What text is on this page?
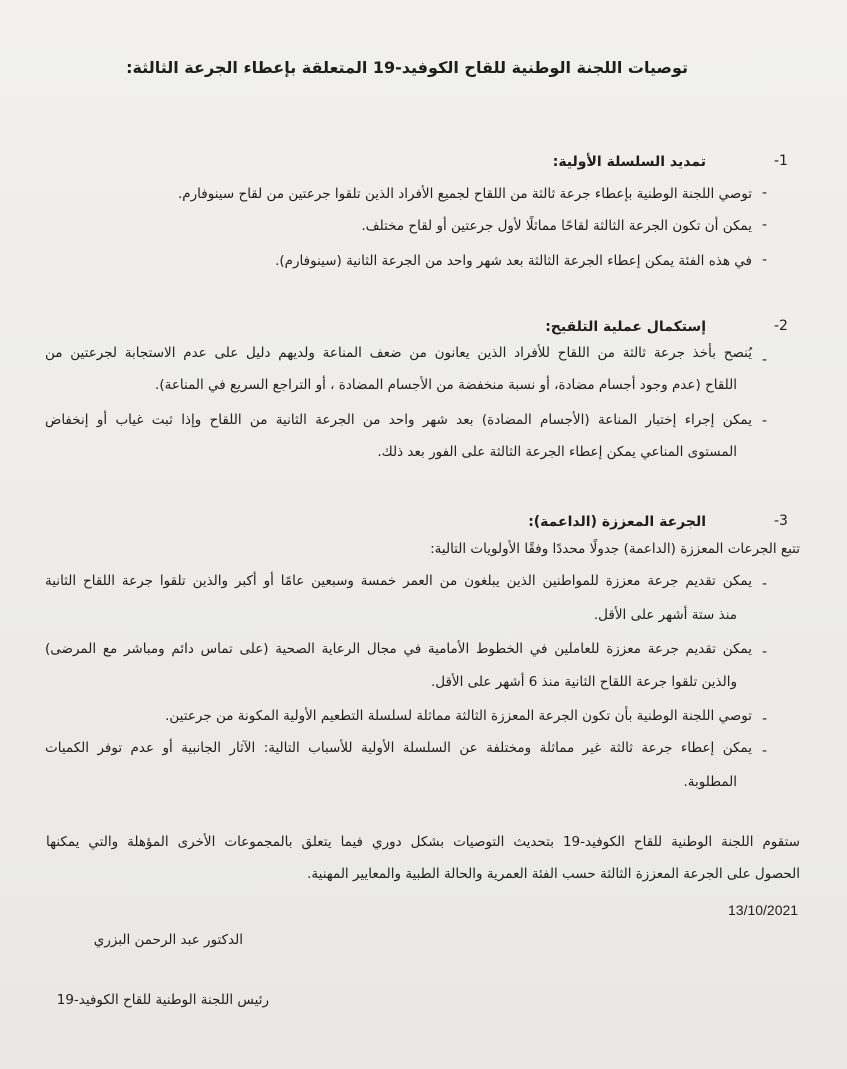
توصيات اللجنة الوطنية للقاح الكوفيد-19 المتعلقة بإعطاء الجرعة الثالثة:
-1
تمديد السلسلة الأولية:
-
توصي اللجنة الوطنية بإعطاء جرعة ثالثة من اللقاح لجميع الأفراد الذين تلقوا جرعتين من لقاح سينوفارم.
-
يمكن أن تكون الجرعة الثالثة لقاحًا مماثلًا لأول جرعتين أو لقاح مختلف.
-
في هذه الفئة يمكن إعطاء الجرعة الثالثة بعد شهر واحد من الجرعة الثانية (سينوفارم).
-2
إستكمال عملية التلقيح:
-
يُنصح بأخذ جرعة ثالثة من اللقاح للأفراد الذين يعانون من ضعف المناعة ولديهم دليل على عدم الاستجابة لجرعتين من
اللقاح (عدم وجود أجسام مضادة، أو نسبة منخفضة من الأجسام المضادة ، أو التراجع السريع في المناعة).
-
يمكن إجراء إختبار المناعة (الأجسام المضادة) بعد شهر واحد من الجرعة الثانية من اللقاح وإذا ثبت غياب أو إنخفاض
المستوى المناعي يمكن إعطاء الجرعة الثالثة على الفور بعد ذلك.
-3
الجرعة المعززة (الداعمة):
تتبع الجرعات المعززة (الداعمة) جدولًا محددًا وفقًا الأولويات التالية:
-
يمكن تقديم جرعة معززة للمواطنين الذين يبلغون من العمر خمسة وسبعين عامًا أو أكبر والذين تلقوا جرعة اللقاح الثانية
منذ ستة أشهر على الأقل.
-
يمكن تقديم جرعة معززة للعاملين في الخطوط الأمامية في مجال الرعاية الصحية (على تماس دائم ومباشر مع المرضى)
والذين تلقوا جرعة اللقاح الثانية منذ 6 أشهر على الأقل.
-
توصي اللجنة الوطنية بأن تكون الجرعة المعززة الثالثة مماثلة لسلسلة التطعيم الأولية المكونة من جرعتين.
-
يمكن إعطاء جرعة ثالثة غير مماثلة ومختلفة عن السلسلة الأولية للأسباب التالية: الآثار الجانبية أو عدم توفر الكميات
المطلوبة.
ستقوم اللجنة الوطنية للقاح الكوفيد-19 بتحديث التوصيات بشكل دوري فيما يتعلق بالمجموعات الأخرى المؤهلة والتي يمكنها
الحصول على الجرعة المعززة الثالثة حسب الفئة العمرية والحالة الطبية والمعايير المهنية.
13/10/2021
الدكتور عبد الرحمن البزري
رئيس اللجنة الوطنية للقاح الكوفيد-19
